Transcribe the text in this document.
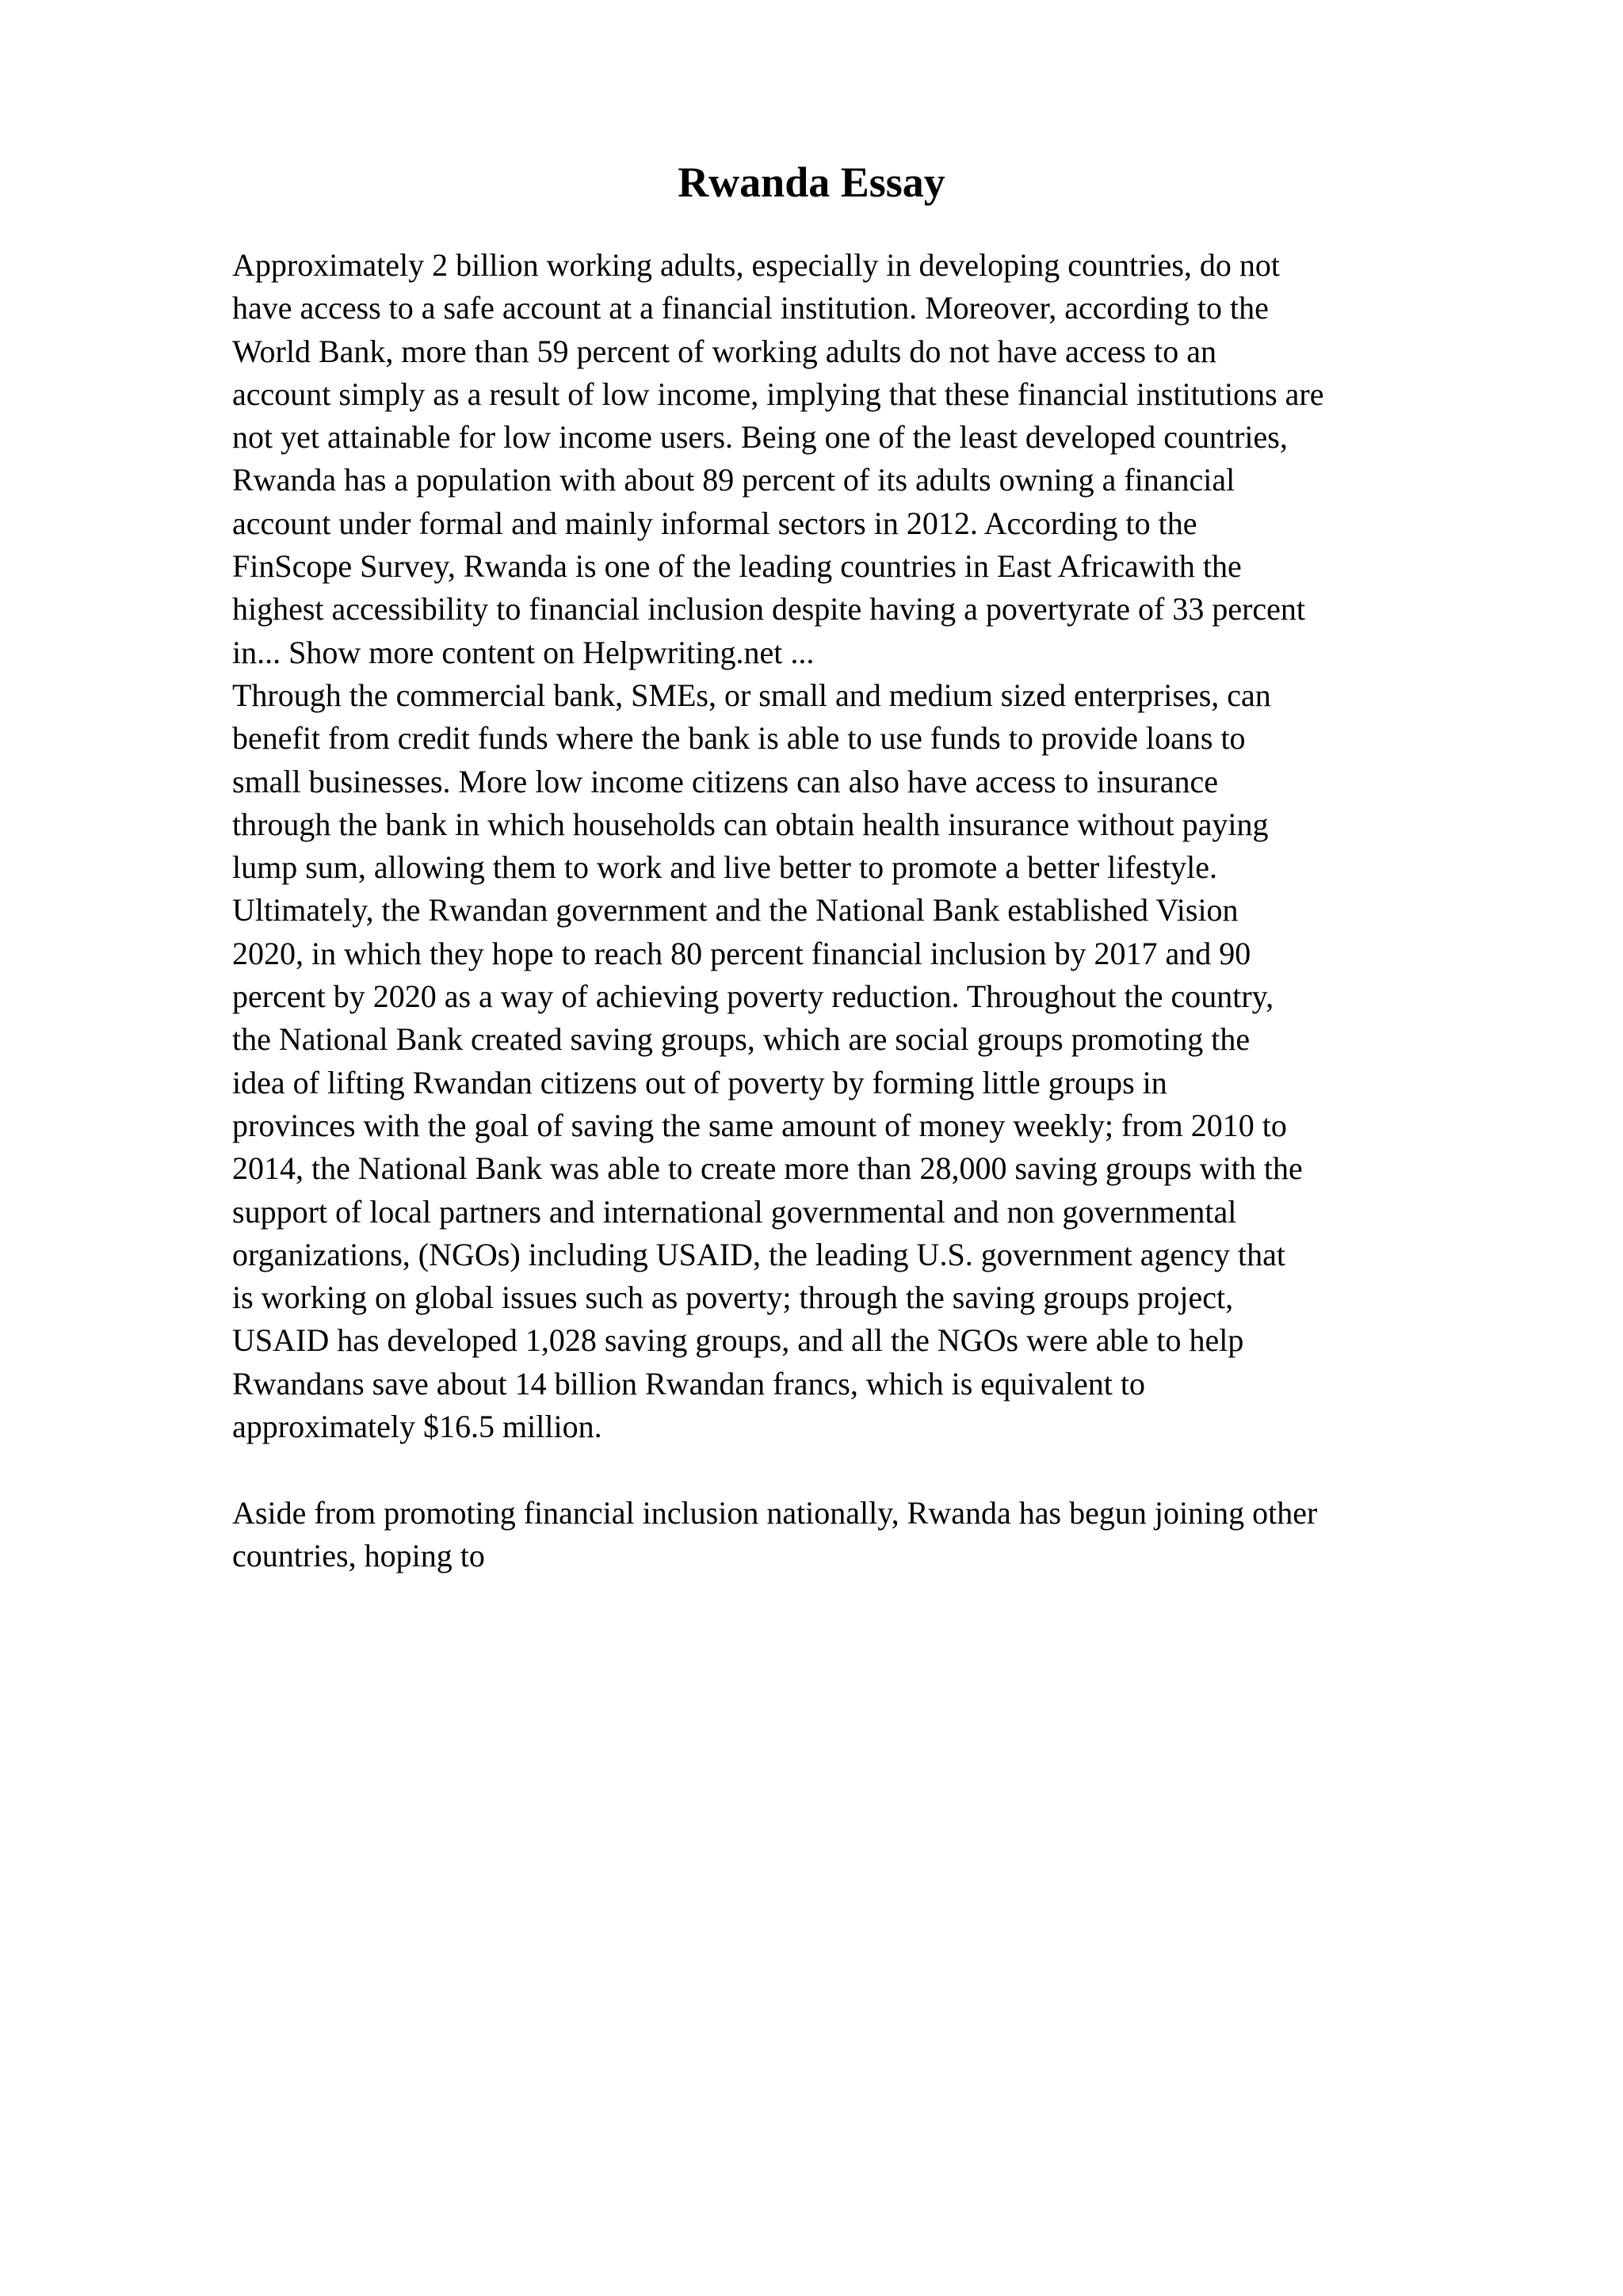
Rwanda Essay
Approximately 2 billion working adults, especially in developing countries, do not
have access to a safe account at a financial institution. Moreover, according to the
World Bank, more than 59 percent of working adults do not have access to an
account simply as a result of low income, implying that these financial institutions are
not yet attainable for low income users. Being one of the least developed countries,
Rwanda has a population with about 89 percent of its adults owning a financial
account under formal and mainly informal sectors in 2012. According to the
FinScope Survey, Rwanda is one of the leading countries in East Africawith the
highest accessibility to financial inclusion despite having a povertyrate of 33 percent
in... Show more content on Helpwriting.net ...
Through the commercial bank, SMEs, or small and medium sized enterprises, can
benefit from credit funds where the bank is able to use funds to provide loans to
small businesses. More low income citizens can also have access to insurance
through the bank in which households can obtain health insurance without paying
lump sum, allowing them to work and live better to promote a better lifestyle.
Ultimately, the Rwandan government and the National Bank established Vision
2020, in which they hope to reach 80 percent financial inclusion by 2017 and 90
percent by 2020 as a way of achieving poverty reduction. Throughout the country,
the National Bank created saving groups, which are social groups promoting the
idea of lifting Rwandan citizens out of poverty by forming little groups in
provinces with the goal of saving the same amount of money weekly; from 2010 to
2014, the National Bank was able to create more than 28,000 saving groups with the
support of local partners and international governmental and non governmental
organizations, (NGOs) including USAID, the leading U.S. government agency that
is working on global issues such as poverty; through the saving groups project,
USAID has developed 1,028 saving groups, and all the NGOs were able to help
Rwandans save about 14 billion Rwandan francs, which is equivalent to
approximately $16.5 million.
Aside from promoting financial inclusion nationally, Rwanda has begun joining other
countries, hoping to
